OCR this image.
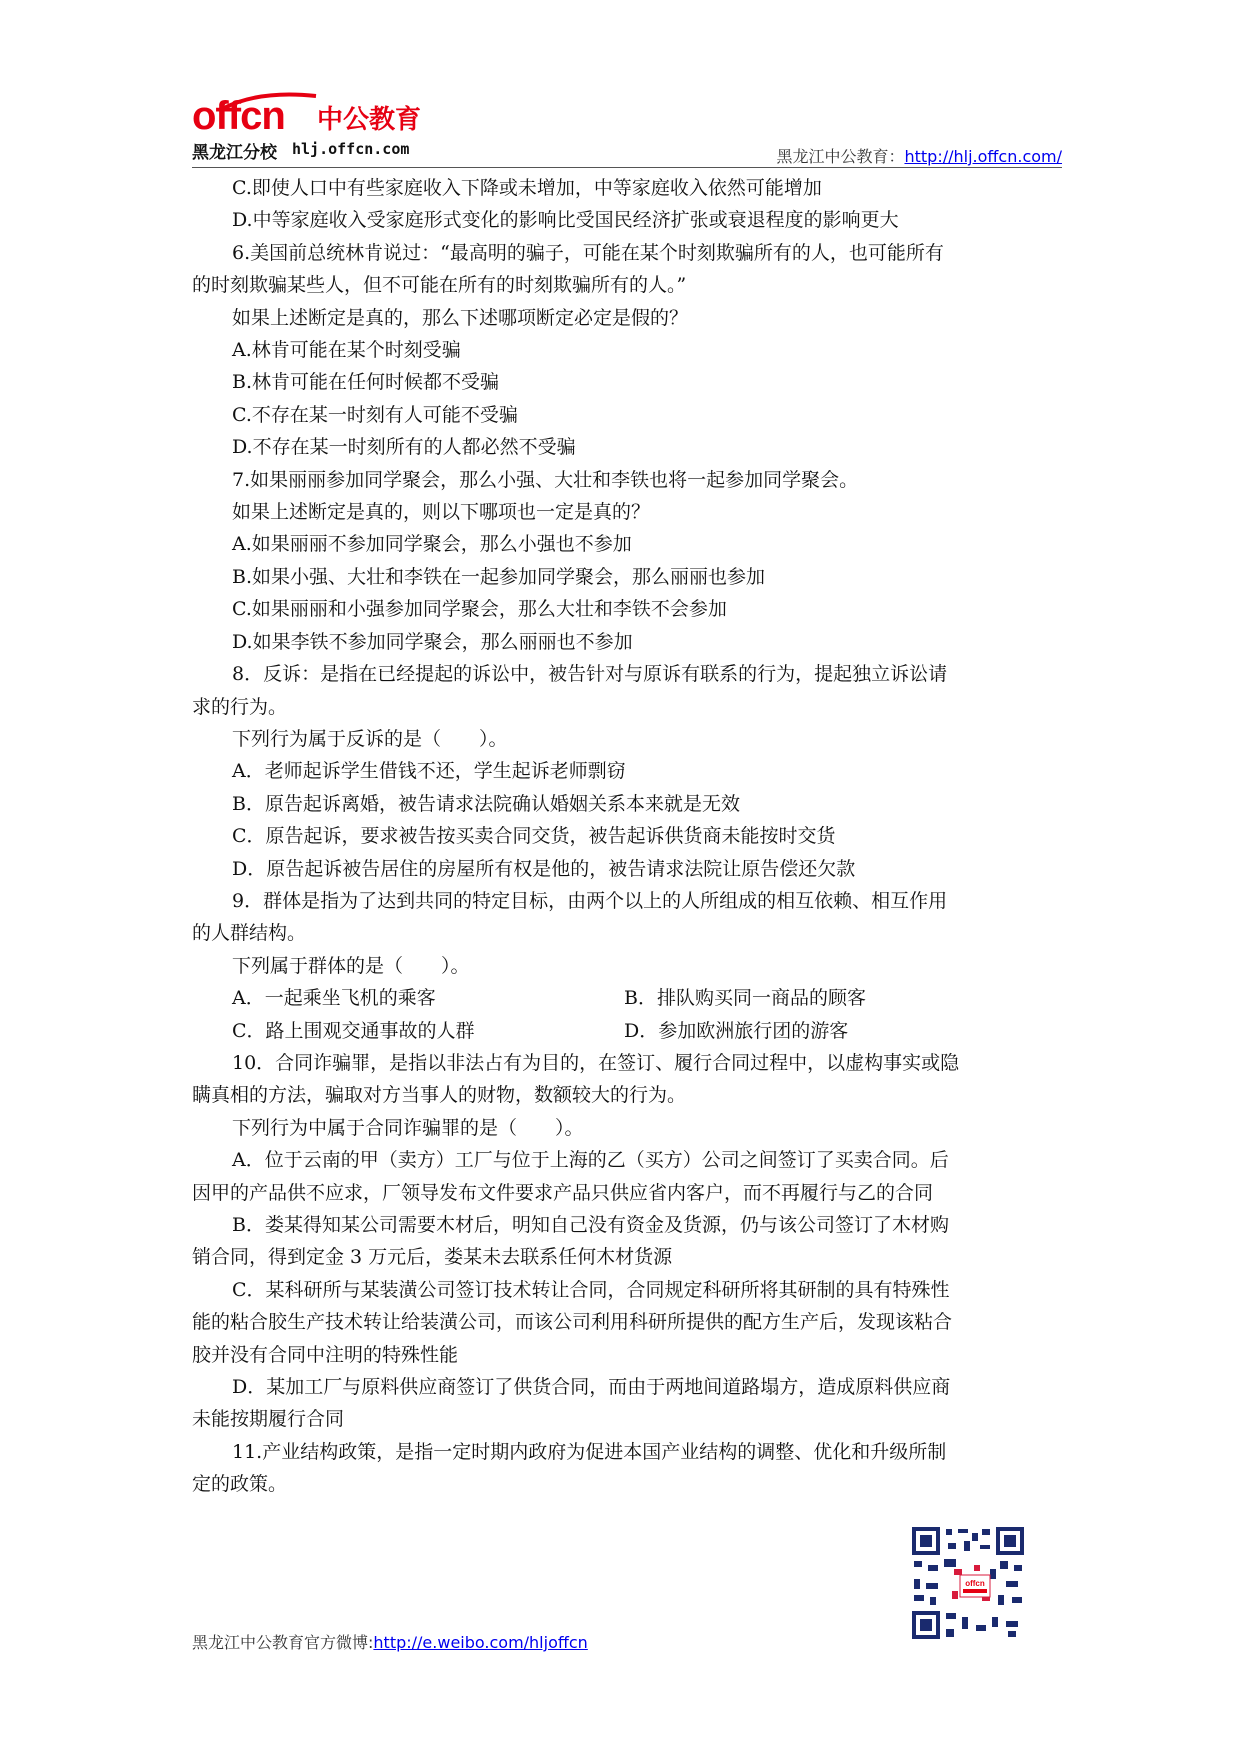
offcn 中公教育
黑龙江分校 hlj.offcn.com	黑龙江中公教育：http://hlj.offcn.com/
C.即使人口中有些家庭收入下降或未增加，中等家庭收入依然可能增加
D.中等家庭收入受家庭形式变化的影响比受国民经济扩张或衰退程度的影响更大
6.美国前总统林肯说过：“最高明的骗子，可能在某个时刻欺骗所有的人，也可能所有
的时刻欺骗某些人，但不可能在所有的时刻欺骗所有的人。”
如果上述断定是真的，那么下述哪项断定必定是假的？
A.林肯可能在某个时刻受骗
B.林肯可能在任何时候都不受骗
C.不存在某一时刻有人可能不受骗
D.不存在某一时刻所有的人都必然不受骗
7.如果丽丽参加同学聚会，那么小强、大壮和李铁也将一起参加同学聚会。
如果上述断定是真的，则以下哪项也一定是真的？
A.如果丽丽不参加同学聚会，那么小强也不参加
B.如果小强、大壮和李铁在一起参加同学聚会，那么丽丽也参加
C.如果丽丽和小强参加同学聚会，那么大壮和李铁不会参加
D.如果李铁不参加同学聚会，那么丽丽也不参加
8．反诉：是指在已经提起的诉讼中，被告针对与原诉有联系的行为，提起独立诉讼请
求的行为。
下列行为属于反诉的是（　　）。
A．老师起诉学生借钱不还，学生起诉老师剽窃
B．原告起诉离婚，被告请求法院确认婚姻关系本来就是无效
C．原告起诉，要求被告按买卖合同交货，被告起诉供货商未能按时交货
D．原告起诉被告居住的房屋所有权是他的，被告请求法院让原告偿还欠款
9．群体是指为了达到共同的特定目标，由两个以上的人所组成的相互依赖、相互作用
的人群结构。
下列属于群体的是（　　）。
A．一起乘坐飞机的乘客	B．排队购买同一商品的顾客
C．路上围观交通事故的人群	D．参加欧洲旅行团的游客
10．合同诈骗罪，是指以非法占有为目的，在签订、履行合同过程中，以虚构事实或隐
瞒真相的方法，骗取对方当事人的财物，数额较大的行为。
下列行为中属于合同诈骗罪的是（　　）。
A．位于云南的甲（卖方）工厂与位于上海的乙（买方）公司之间签订了买卖合同。后
因甲的产品供不应求，厂领导发布文件要求产品只供应省内客户，而不再履行与乙的合同
B．娄某得知某公司需要木材后，明知自己没有资金及货源，仍与该公司签订了木材购
销合同，得到定金 3 万元后，娄某未去联系任何木材货源
C．某科研所与某装潢公司签订技术转让合同，合同规定科研所将其研制的具有特殊性
能的粘合胶生产技术转让给装潢公司，而该公司利用科研所提供的配方生产后，发现该粘合
胶并没有合同中注明的特殊性能
D．某加工厂与原料供应商签订了供货合同，而由于两地间道路塌方，造成原料供应商
未能按期履行合同
11.产业结构政策，是指一定时期内政府为促进本国产业结构的调整、优化和升级所制
定的政策。
offcn
黑龙江中公教育官方微博:http://e.weibo.com/hljoffcn
